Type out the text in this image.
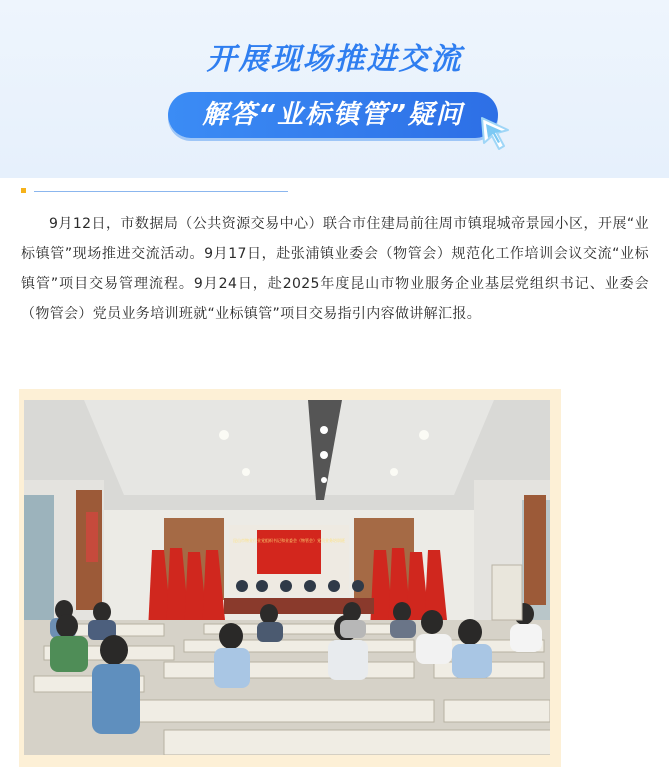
开展现场推进交流
解答“业标镇管”疑问

9月12日，市数据局（公共资源交易中心）联合市住建局前往周市镇琨城帝景园小区，开展“业标镇管”现场推进交流活动。9月17日，赴张浦镇业委会（物管会）规范化工作培训会议交流“业标镇管”项目交易管理流程。9月24日，赴2025年度昆山市物业服务企业基层党组织书记、业委会（物管会）党员业务培训班就“业标镇管”项目交易指引内容做讲解汇报。

昆山市物业行业党组织书记和业委会（物管会）党员业务培训班
